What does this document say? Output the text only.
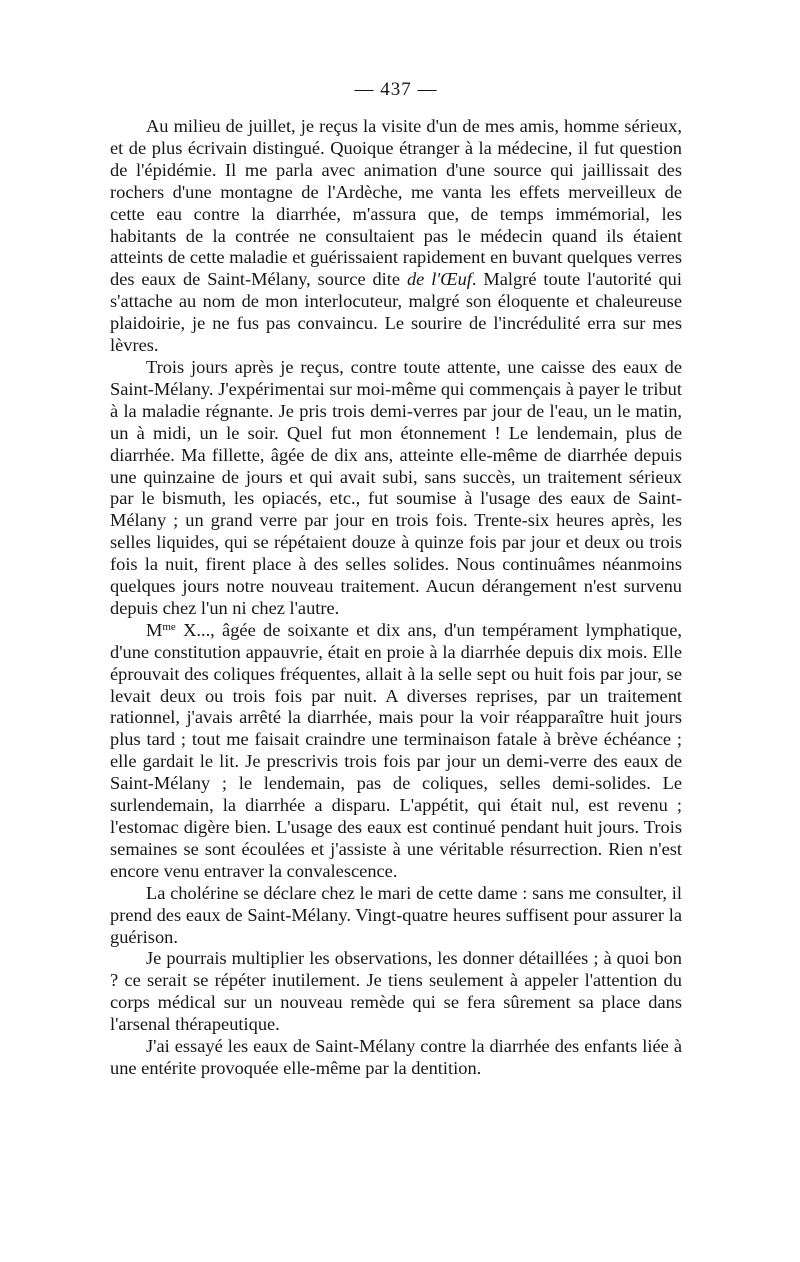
— 437 —

Au milieu de juillet, je reçus la visite d'un de mes amis, homme sérieux, et de plus écrivain distingué. Quoique étranger à la médecine, il fut question de l'épidémie. Il me parla avec animation d'une source qui jaillissait des rochers d'une montagne de l'Ardèche, me vanta les effets merveilleux de cette eau contre la diarrhée, m'assura que, de temps immémorial, les habitants de la contrée ne consultaient pas le médecin quand ils étaient atteints de cette maladie et guérissaient rapidement en buvant quelques verres des eaux de Saint-Mélany, source dite de l'Œuf. Malgré toute l'autorité qui s'attache au nom de mon interlocuteur, malgré son éloquente et chaleureuse plaidoirie, je ne fus pas convaincu. Le sourire de l'incrédulité erra sur mes lèvres.

Trois jours après je reçus, contre toute attente, une caisse des eaux de Saint-Mélany. J'expérimentai sur moi-même qui commençais à payer le tribut à la maladie régnante. Je pris trois demi-verres par jour de l'eau, un le matin, un à midi, un le soir. Quel fut mon étonnement ! Le lendemain, plus de diarrhée. Ma fillette, âgée de dix ans, atteinte elle-même de diarrhée depuis une quinzaine de jours et qui avait subi, sans succès, un traitement sérieux par le bismuth, les opiacés, etc., fut soumise à l'usage des eaux de Saint-Mélany ; un grand verre par jour en trois fois. Trente-six heures après, les selles liquides, qui se répétaient douze à quinze fois par jour et deux ou trois fois la nuit, firent place à des selles solides. Nous continuâmes néanmoins quelques jours notre nouveau traitement. Aucun dérangement n'est survenu depuis chez l'un ni chez l'autre.

$M^{me}$ X..., âgée de soixante et dix ans, d'un tempérament lymphatique, d'une constitution appauvrie, était en proie à la diarrhée depuis dix mois. Elle éprouvait des coliques fréquentes, allait à la selle sept ou huit fois par jour, se levait deux ou trois fois par nuit. A diverses reprises, par un traitement rationnel, j'avais arrêté la diarrhée, mais pour la voir réapparaître huit jours plus tard ; tout me faisait craindre une terminaison fatale à brève échéance ; elle gardait le lit. Je prescrivis trois fois par jour un demi-verre des eaux de Saint-Mélany ; le lendemain, pas de coliques, selles demi-solides. Le surlendemain, la diarrhée a disparu. L'appétit, qui était nul, est revenu ; l'estomac digère bien. L'usage des eaux est continué pendant huit jours. Trois semaines se sont écoulées et j'assiste à une véritable résurrection. Rien n'est encore venu entraver la convalescence.

La cholérine se déclare chez le mari de cette dame : sans me consulter, il prend des eaux de Saint-Mélany. Vingt-quatre heures suffisent pour assurer la guérison.

Je pourrais multiplier les observations, les donner détaillées ; à quoi bon ? ce serait se répéter inutilement. Je tiens seulement à appeler l'attention du corps médical sur un nouveau remède qui se fera sûrement sa place dans l'arsenal thérapeutique.

J'ai essayé les eaux de Saint-Mélany contre la diarrhée des enfants liée à une entérite provoquée elle-même par la dentition.
